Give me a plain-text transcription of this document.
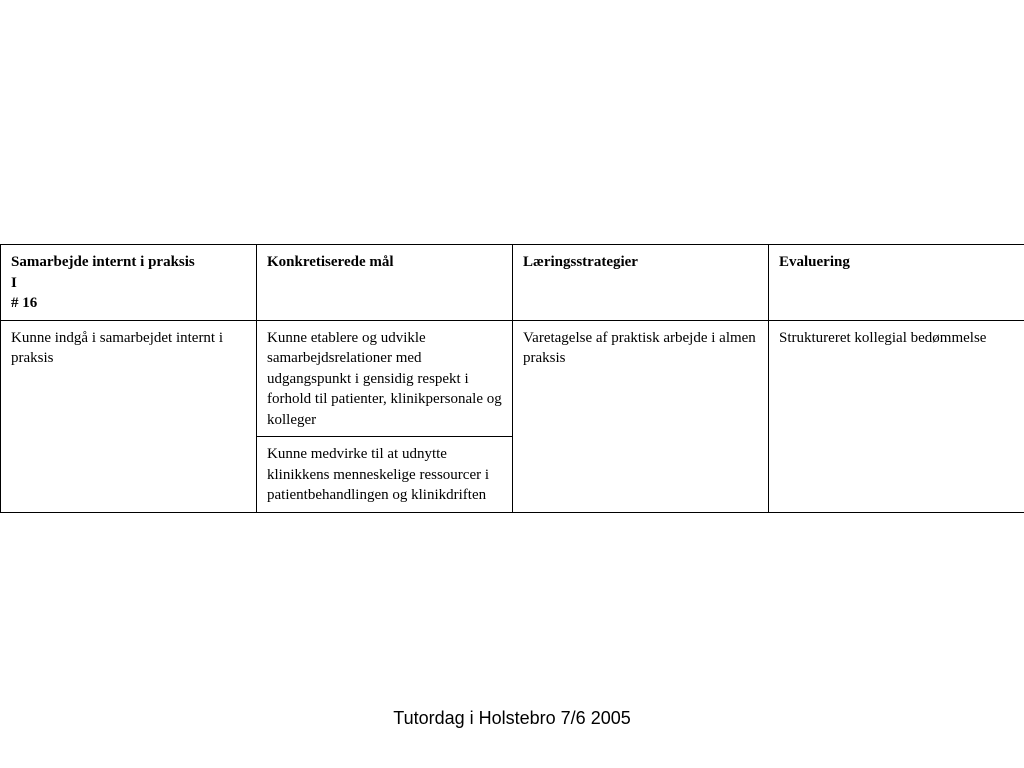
Samarbejde internt i praksis
I
# 16	Konkretiserede mål	Læringsstrategier	Evaluering
Kunne indgå i samarbejdet internt i praksis	Kunne etablere og udvikle samarbejdsrelationer med udgangspunkt i gensidig respekt i forhold til patienter, klinikpersonale og kolleger	Varetagelse af praktisk arbejde i almen praksis	Struktureret kollegial bedømmelse
	Kunne medvirke til at udnytte klinikkens menneskelige ressourcer i patientbehandlingen og klinikdriften		
Tutordag i Holstebro 7/6 2005
